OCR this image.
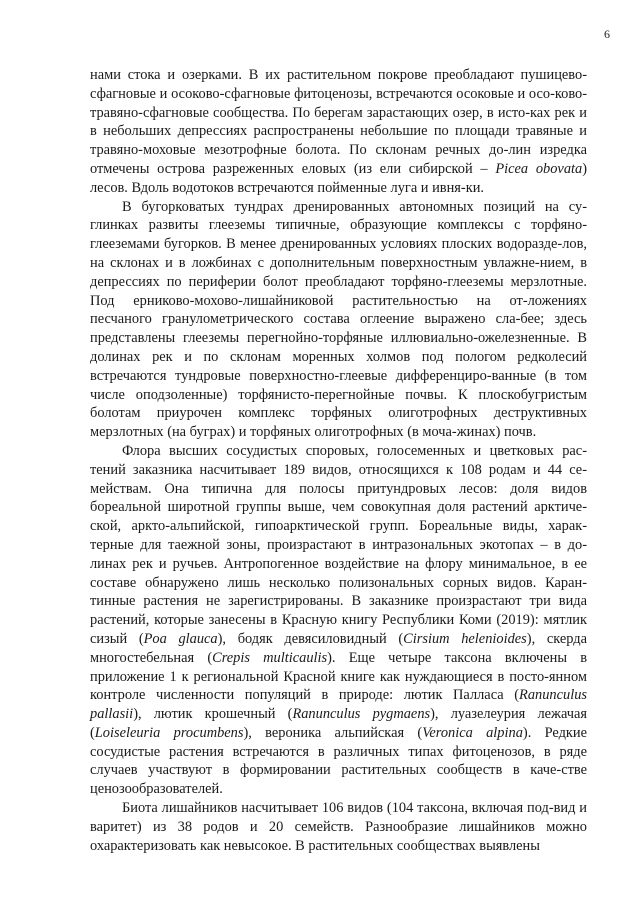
6

нами стока и озерками. В их растительном покрове преобладают пушицево-сфагновые и осоково-сфагновые фитоценозы, встречаются осоковые и осо-ково-травяно-сфагновые сообщества. По берегам зарастающих озер, в исто-ках рек и в небольших депрессиях распространены небольшие по площади травяные и травяно-моховые мезотрофные болота. По склонам речных до-лин изредка отмечены острова разреженных еловых (из ели сибирской – Picea obovata) лесов. Вдоль водотоков встречаются пойменные луга и ивня-ки.

В бугорковатых тундрах дренированных автономных позиций на су-глинках развиты глееземы типичные, образующие комплексы с торфяно-глееземами бугорков. В менее дренированных условиях плоских водоразде-лов, на склонах и в ложбинах с дополнительным поверхностным увлажне-нием, в депрессиях по периферии болот преобладают торфяно-глееземы мерзлотные. Под ерниково-мохово-лишайниковой растительностью на от-ложениях песчаного гранулометрического состава оглеение выражено сла-бее; здесь представлены глееземы перегнойно-торфяные иллювиально-ожелезненные. В долинах рек и по склонам моренных холмов под пологом редколесий встречаются тундровые поверхностно-глеевые дифференциро-ванные (в том числе оподзоленные) торфянисто-перегнойные почвы. К плоскобугристым болотам приурочен комплекс торфяных олиготрофных деструктивных мерзлотных (на буграх) и торфяных олиготрофных (в моча-жинах) почв.

Флора высших сосудистых споровых, голосеменных и цветковых рас-тений заказника насчитывает 189 видов, относящихся к 108 родам и 44 се-мействам. Она типична для полосы притундровых лесов: доля видов бореальной широтной группы выше, чем совокупная доля растений арктиче-ской, аркто-альпийской, гипоарктической групп. Бореальные виды, харак-терные для таежной зоны, произрастают в интразональных экотопах – в до-линах рек и ручьев. Антропогенное воздействие на флору минимальное, в ее составе обнаружено лишь несколько полизональных сорных видов. Каран-тинные растения не зарегистрированы. В заказнике произрастают три вида растений, которые занесены в Красную книгу Республики Коми (2019): мятлик сизый (Poa glauca), бодяк девясиловидный (Cirsium helenioides), скерда многостебельная (Crepis multicaulis). Еще четыре таксона включены в приложение 1 к региональной Красной книге как нуждающиеся в посто-янном контроле численности популяций в природе: лютик Палласа (Ranunculus pallasii), лютик крошечный (Ranunculus pygmaens), луазелеурия лежачая (Loiseleuria procumbens), вероника альпийская (Veronica alpina). Редкие сосудистые растения встречаются в различных типах фитоценозов, в ряде случаев участвуют в формировании растительных сообществ в каче-стве ценозообразователей.

Биота лишайников насчитывает 106 видов (104 таксона, включая под-вид и варитет) из 38 родов и 20 семейств. Разнообразие лишайников можно охарактеризовать как невысокое. В растительных сообществах выявлены
